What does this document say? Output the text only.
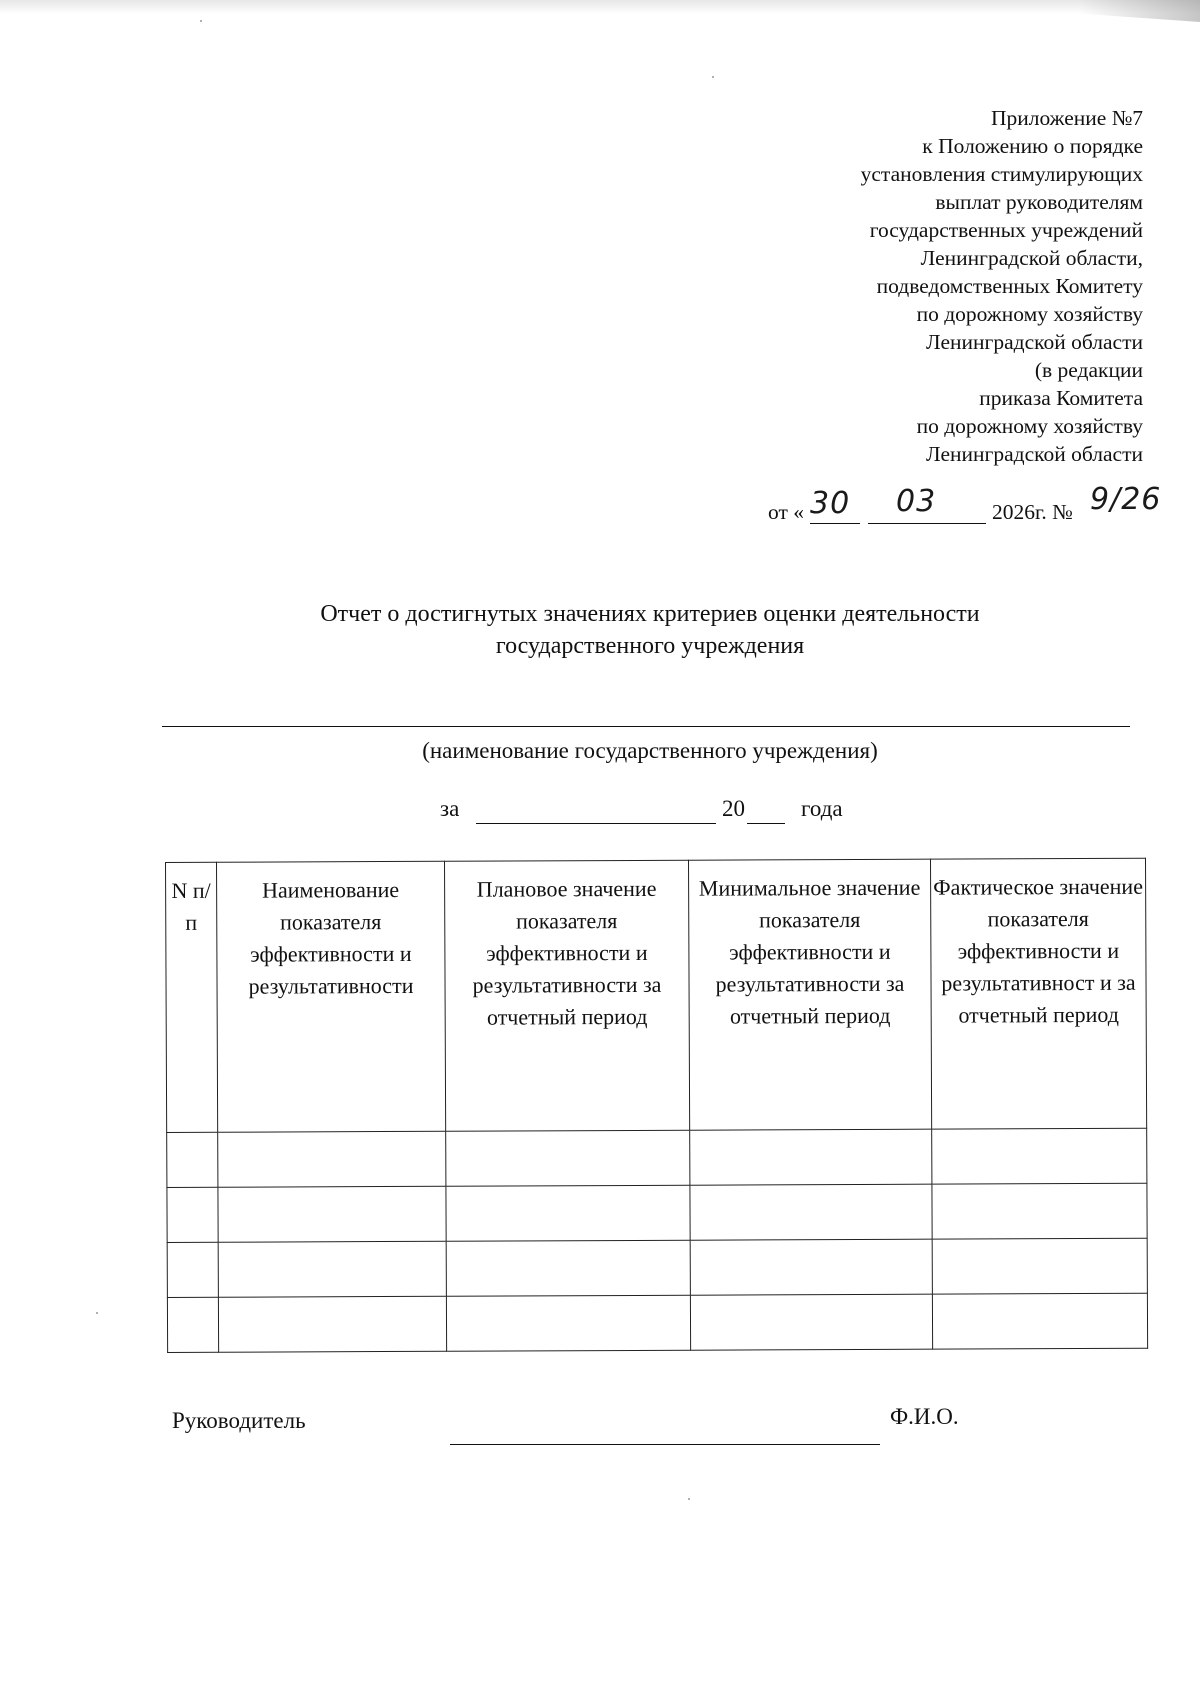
Приложение №7
к Положению о порядке
установления стимулирующих
выплат руководителям
государственных учреждений
Ленинградской области,
подведомственных Комитету
по дорожному хозяйству
Ленинградской области
(в редакции
приказа Комитета
по дорожному хозяйству
Ленинградской области
от « 30 03	2026г. № 9/26
Отчет о достигнутых значениях критериев оценки деятельности
государственного учреждения
(наименование государственного учреждения)
за	20 года
N п/п	Наименование показателя эффективности и результативности	Плановое значение показателя эффективности и результативности за отчетный период	Минимальное значение показателя эффективности и результативности за отчетный период	Фактическое значение показателя эффективности и результативност и за отчетный период

Руководитель	Ф.И.О.
